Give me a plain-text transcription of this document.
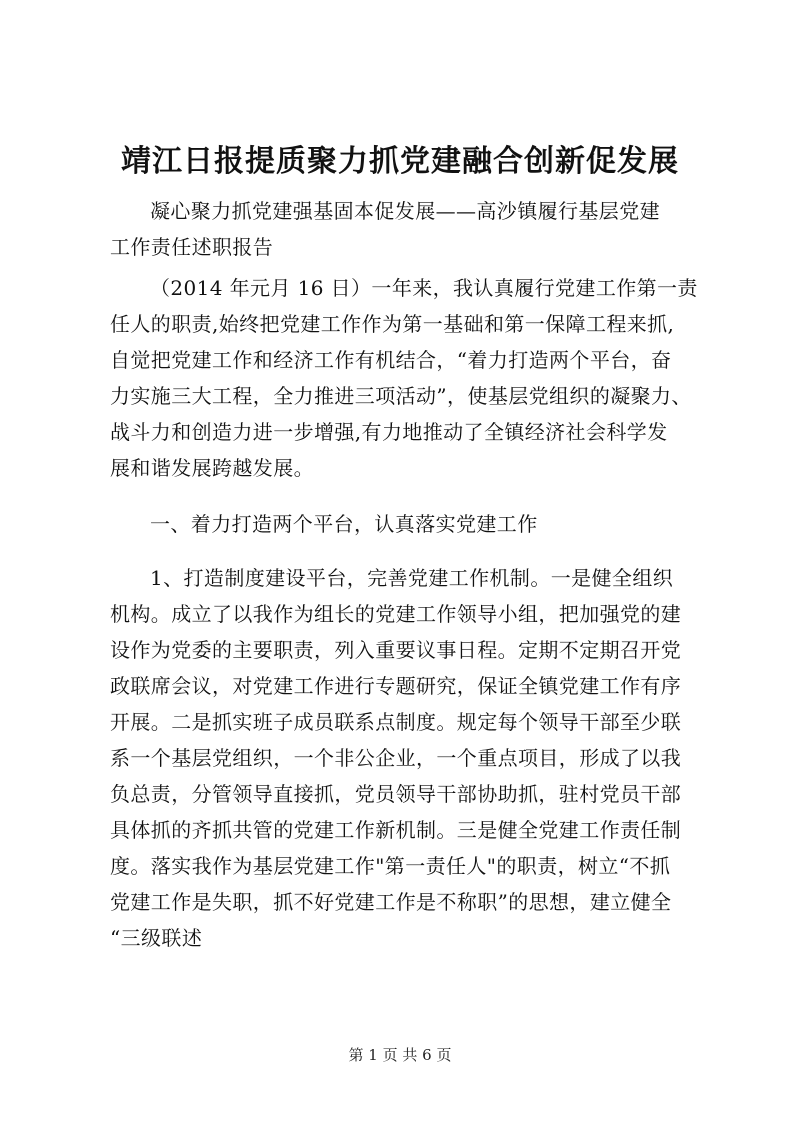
靖江日报提质聚力抓党建融合创新促发展
凝心聚力抓党建强基固本促发展——高沙镇履行基层党建
工作责任述职报告
（2014 年元月 16 日）一年来，我认真履行党建工作第一责
任人的职责,始终把党建工作作为第一基础和第一保障工程来抓,
自觉把党建工作和经济工作有机结合，“着力打造两个平台，奋
力实施三大工程，全力推进三项活动”，使基层党组织的凝聚力、
战斗力和创造力进一步增强,有力地推动了全镇经济社会科学发
展和谐发展跨越发展。
一、着力打造两个平台，认真落实党建工作
1、打造制度建设平台，完善党建工作机制。一是健全组织
机构。成立了以我作为组长的党建工作领导小组，把加强党的建
设作为党委的主要职责，列入重要议事日程。定期不定期召开党
政联席会议，对党建工作进行专题研究，保证全镇党建工作有序
开展。二是抓实班子成员联系点制度。规定每个领导干部至少联
系一个基层党组织，一个非公企业，一个重点项目，形成了以我
负总责，分管领导直接抓，党员领导干部协助抓，驻村党员干部
具体抓的齐抓共管的党建工作新机制。三是健全党建工作责任制
度。落实我作为基层党建工作"第一责任人"的职责，树立“不抓
党建工作是失职，抓不好党建工作是不称职”的思想，建立健全
“三级联述
第 1 页 共 6 页
